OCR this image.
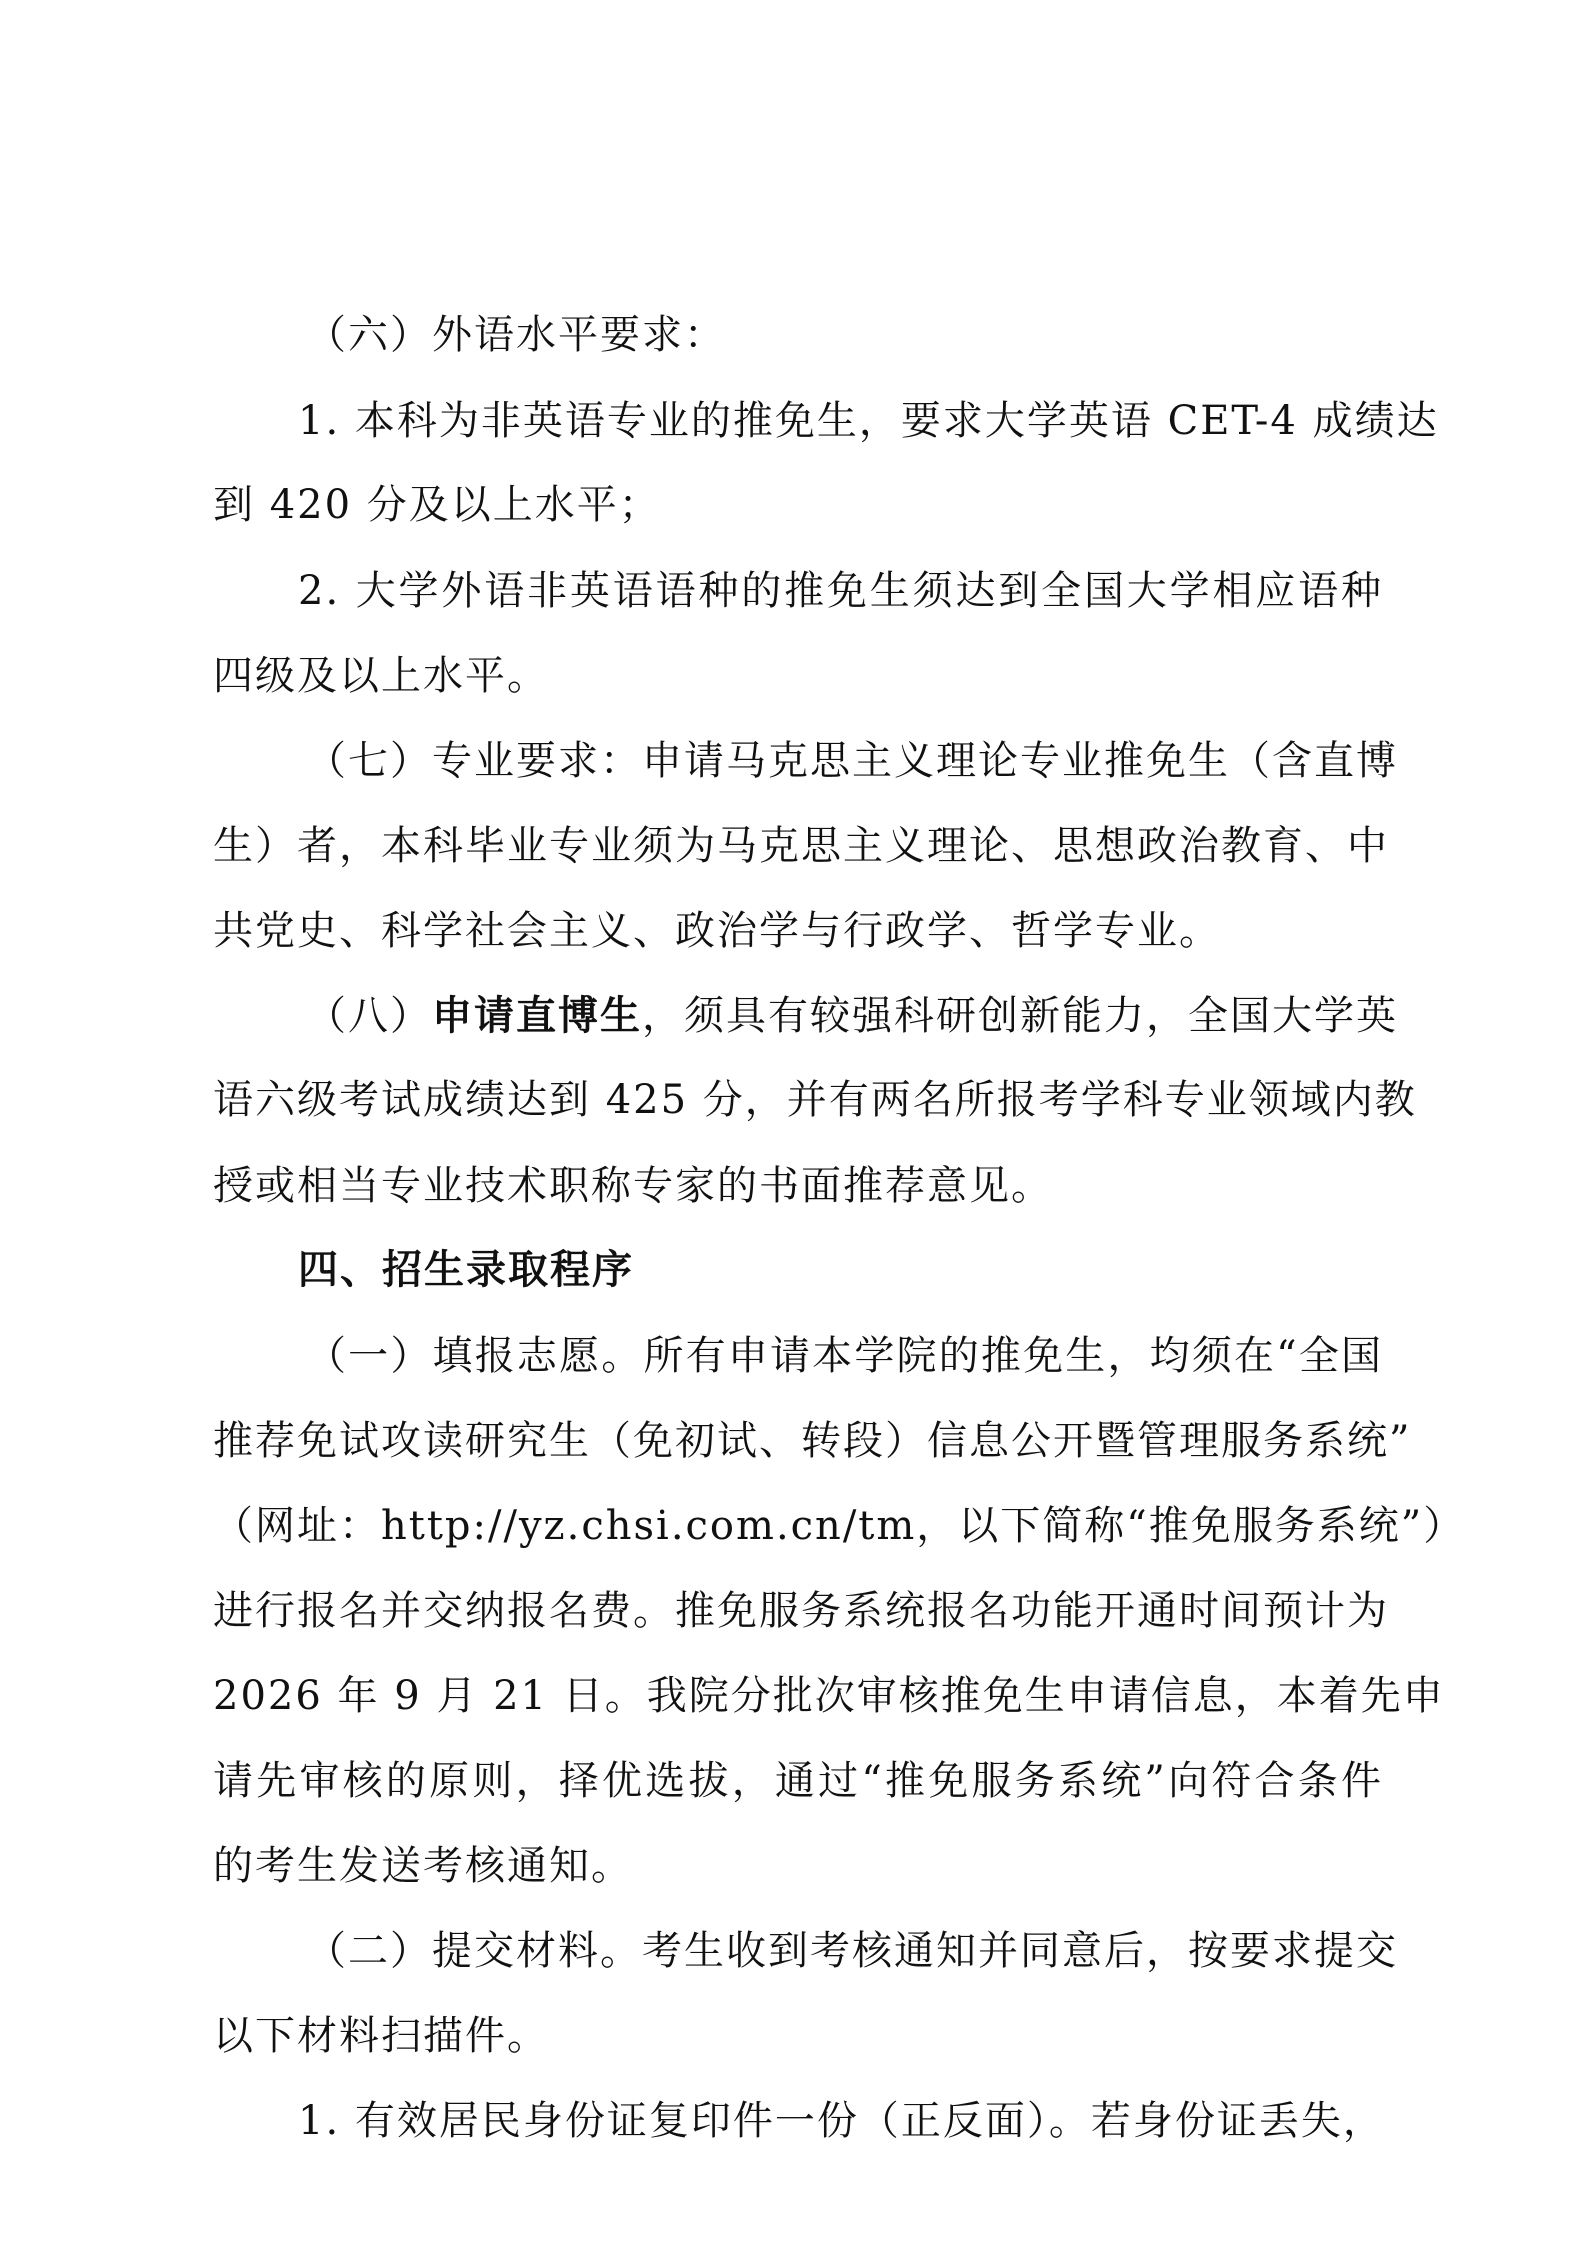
（六）外语水平要求：
1. 本科为非英语专业的推免生，要求大学英语 CET-4 成绩达
到 420 分及以上水平；
2. 大学外语非英语语种的推免生须达到全国大学相应语种
四级及以上水平。
（七）专业要求：申请马克思主义理论专业推免生（含直博
生）者，本科毕业专业须为马克思主义理论、思想政治教育、中
共党史、科学社会主义、政治学与行政学、哲学专业。
（八） 申请直博生 ，须具有较强科研创新能力，全国大学英
语六级考试成绩达到 425 分，并有两名所报考学科专业领域内教
授或相当专业技术职称专家的书面推荐意见。
四、招生录取程序
（一）填报志愿。所有申请本学院的推免生，均须在“全国
推荐免试攻读研究生（免初试、转段）信息公开暨管理服务系统”
（网址：http://yz.chsi.com.cn/tm，以下简称“推免服务系统”）
进行报名并交纳报名费。推免服务系统报名功能开通时间预计为
2026 年 9 月 21 日。我院分批次审核推免生申请信息，本着先申
请先审核的原则，择优选拔，通过“推免服务系统”向符合条件
的考生发送考核通知。
（二）提交材料。考生收到考核通知并同意后，按要求提交
以下材料扫描件。
1. 有效居民身份证复印件一份（正反面）。若身份证丢失，
